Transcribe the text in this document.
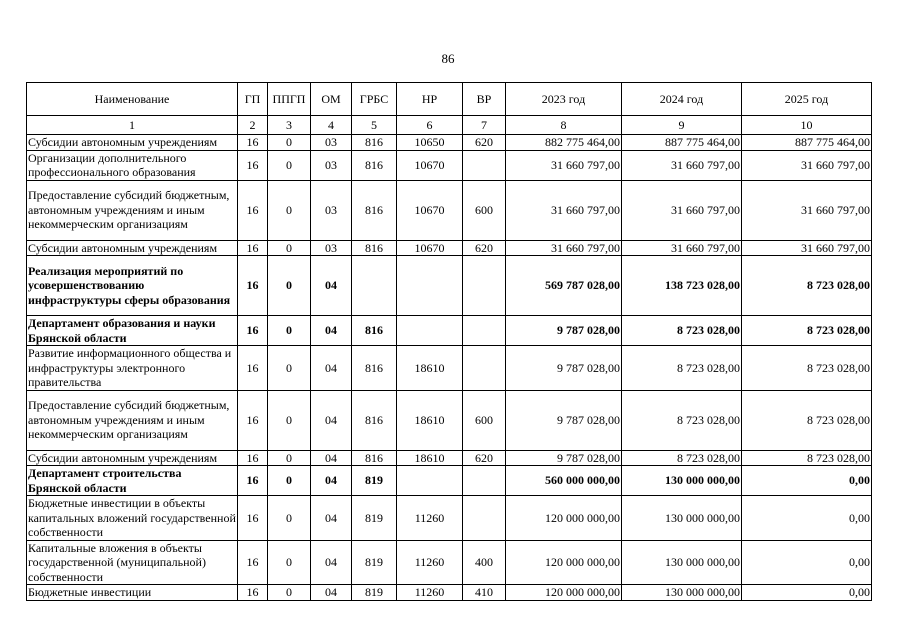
86
Наименование	ГП	ППГП	ОМ	ГРБС	НР	ВР	2023 год	2024 год	2025 год
1	2	3	4	5	6	7	8	9	10
Субсидии автономным учреждениям	16	0	03	816	10650	620	882 775 464,00	887 775 464,00	887 775 464,00
Организации дополнительного профессионального образования	16	0	03	816	10670		31 660 797,00	31 660 797,00	31 660 797,00
Предоставление субсидий бюджетным, автономным учреждениям и иным некоммерческим организациям	16	0	03	816	10670	600	31 660 797,00	31 660 797,00	31 660 797,00
Субсидии автономным учреждениям	16	0	03	816	10670	620	31 660 797,00	31 660 797,00	31 660 797,00
Реализация мероприятий по усовершенствованию инфраструктуры сферы образования	16	0	04				569 787 028,00	138 723 028,00	8 723 028,00
Департамент образования и науки Брянской области	16	0	04	816			9 787 028,00	8 723 028,00	8 723 028,00
Развитие информационного общества и инфраструктуры электронного правительства	16	0	04	816	18610		9 787 028,00	8 723 028,00	8 723 028,00
Предоставление субсидий бюджетным, автономным учреждениям и иным некоммерческим организациям	16	0	04	816	18610	600	9 787 028,00	8 723 028,00	8 723 028,00
Субсидии автономным учреждениям	16	0	04	816	18610	620	9 787 028,00	8 723 028,00	8 723 028,00
Департамент строительства Брянской области	16	0	04	819			560 000 000,00	130 000 000,00	0,00
Бюджетные инвестиции в объекты капитальных вложений государственной собственности	16	0	04	819	11260		120 000 000,00	130 000 000,00	0,00
Капитальные вложения в объекты государственной (муниципальной) собственности	16	0	04	819	11260	400	120 000 000,00	130 000 000,00	0,00
Бюджетные инвестиции	16	0	04	819	11260	410	120 000 000,00	130 000 000,00	0,00
